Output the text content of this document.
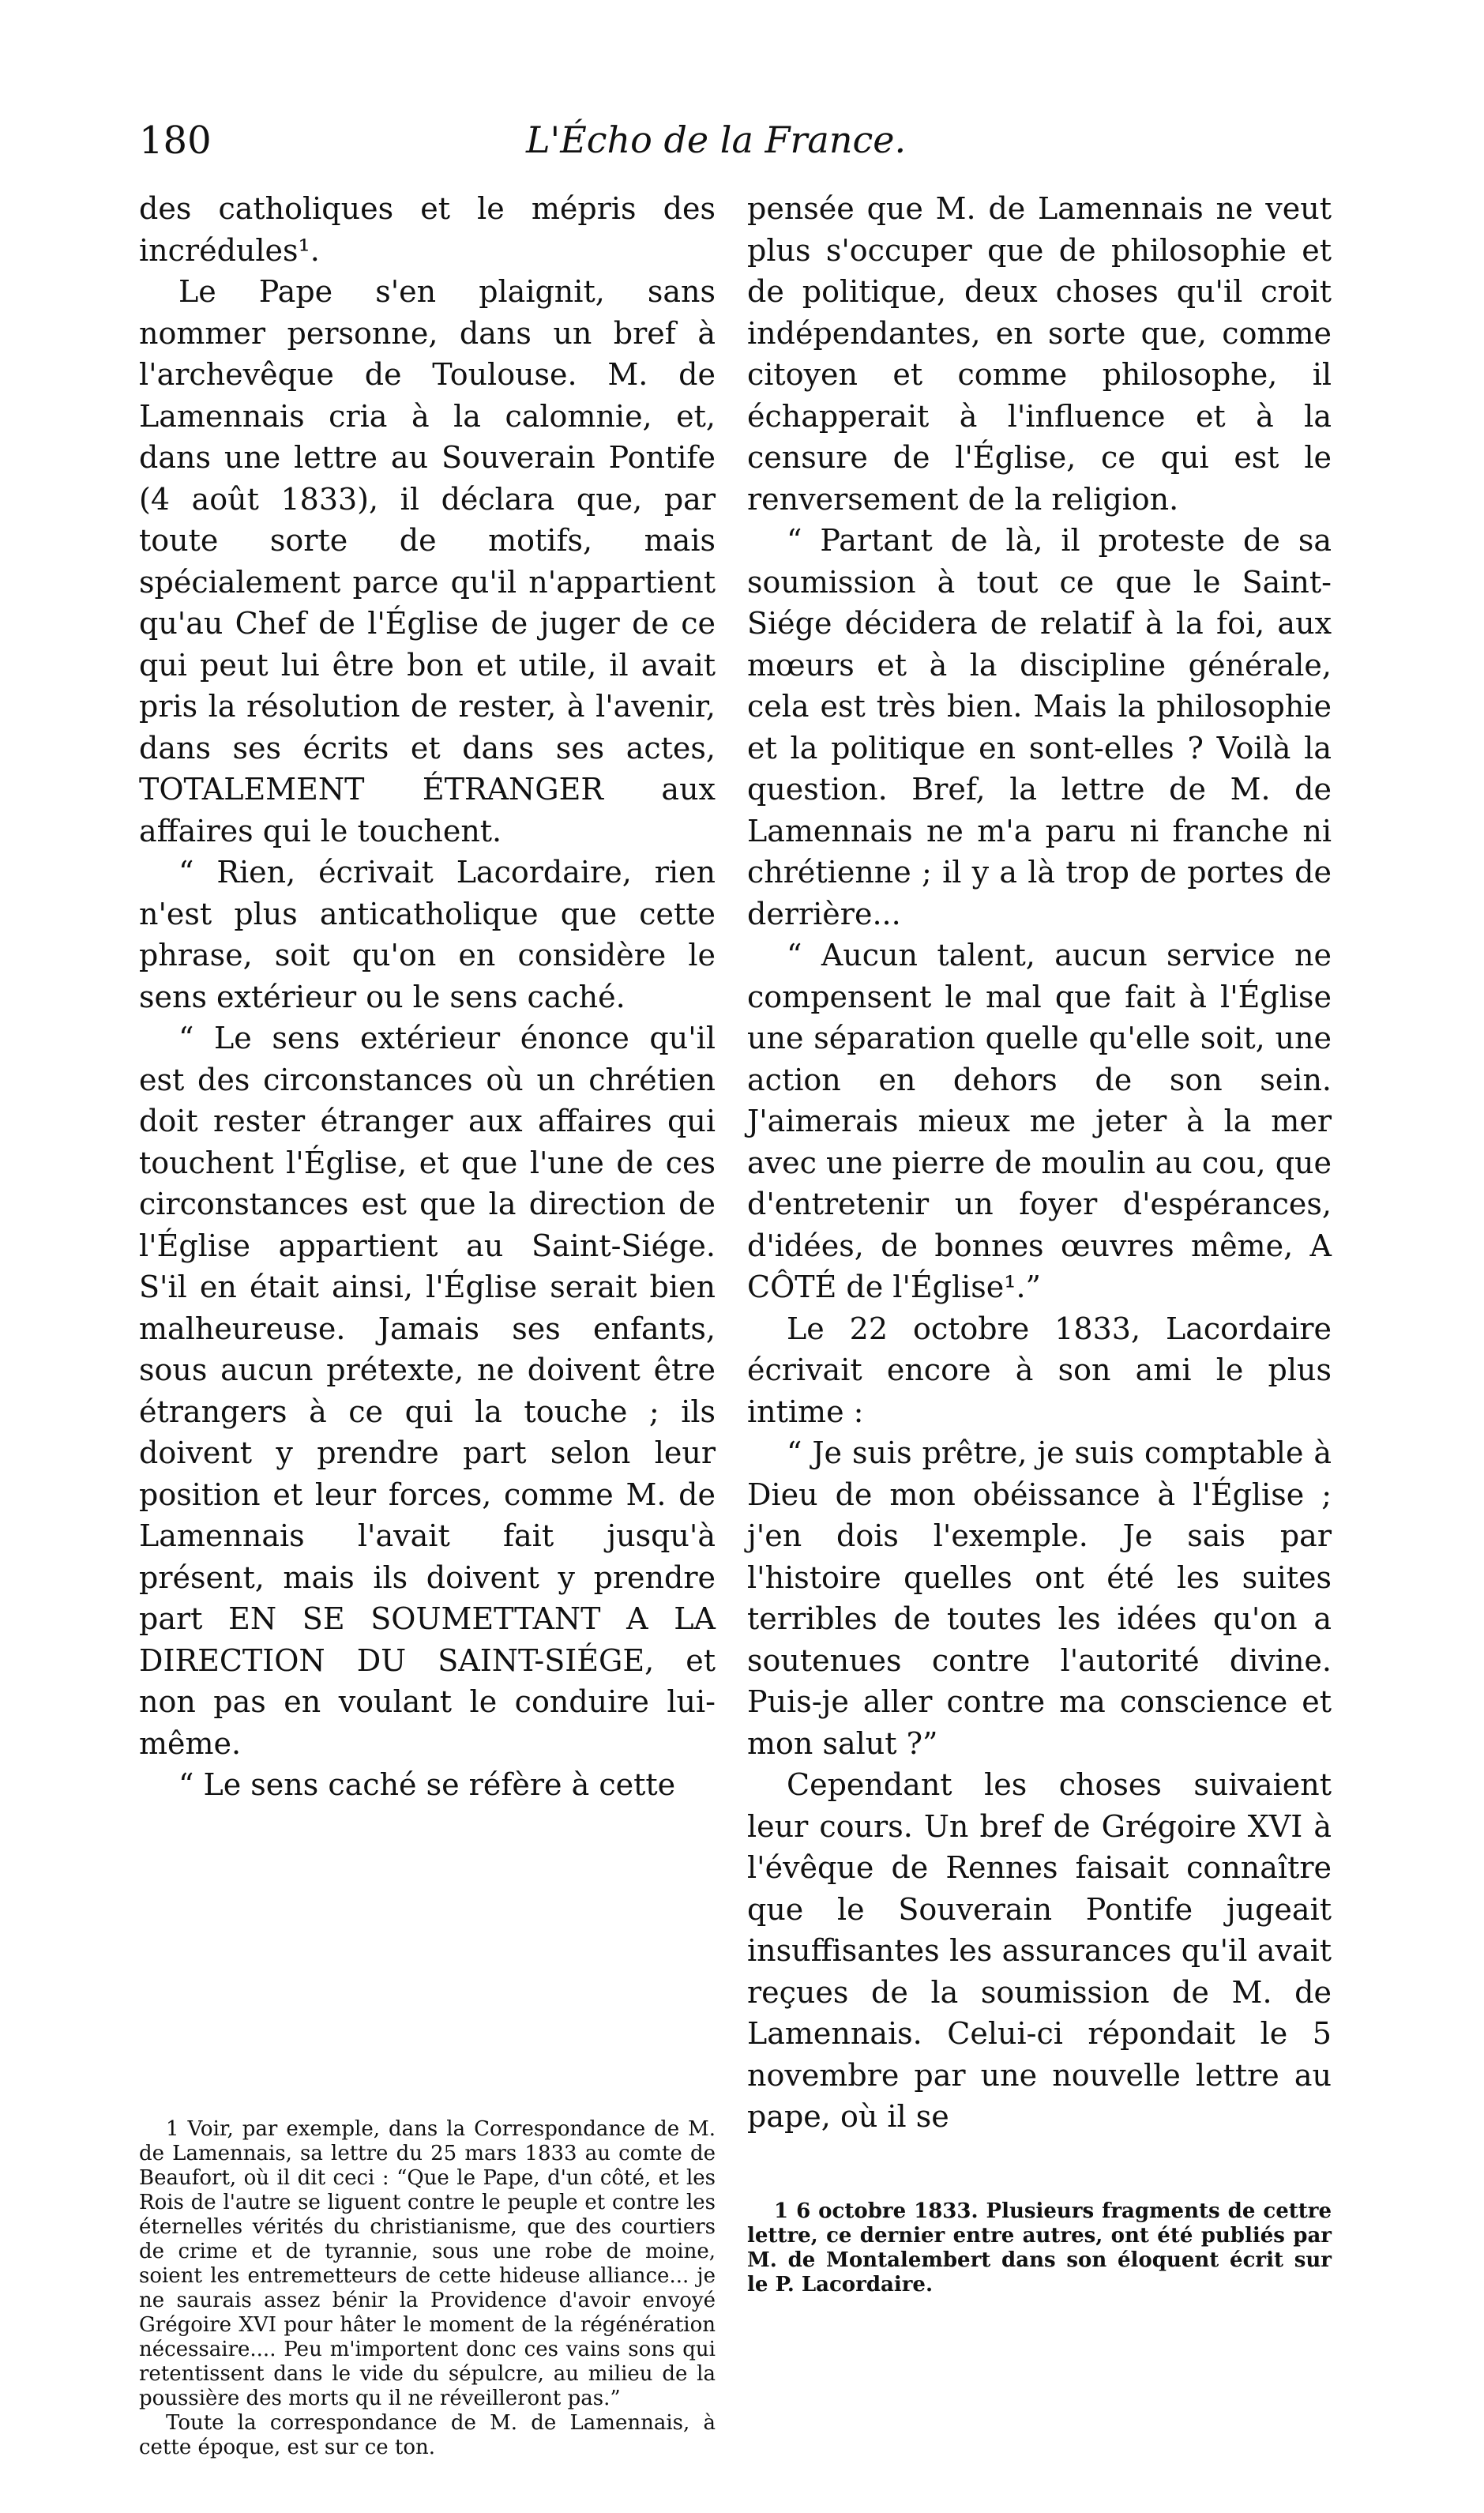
180	L'Écho de la France.

des catholiques et le mépris des incrédules¹.

Le Pape s'en plaignit, sans nommer personne, dans un bref à l'archevêque de Toulouse. M. de Lamennais cria à la calomnie, et, dans une lettre au Souverain Pontife (4 août 1833), il déclara que, par toute sorte de motifs, mais spécialement parce qu'il n'appartient qu'au Chef de l'Église de juger de ce qui peut lui être bon et utile, il avait pris la résolution de rester, à l'avenir, dans ses écrits et dans ses actes, TOTALEMENT ÉTRANGER aux affaires qui le touchent.

“ Rien, écrivait Lacordaire, rien n'est plus anticatholique que cette phrase, soit qu'on en considère le sens extérieur ou le sens caché.

“ Le sens extérieur énonce qu'il est des circonstances où un chrétien doit rester étranger aux affaires qui touchent l'Église, et que l'une de ces circonstances est que la direction de l'Église appartient au Saint-Siége. S'il en était ainsi, l'Église serait bien malheureuse. Jamais ses enfants, sous aucun prétexte, ne doivent être étrangers à ce qui la touche ; ils doivent y prendre part selon leur position et leur forces, comme M. de Lamennais l'avait fait jusqu'à présent, mais ils doivent y prendre part EN SE SOUMETTANT A LA DIRECTION DU SAINT-SIÉGE, et non pas en voulant le conduire lui-même.

“ Le sens caché se réfère à cette

1 Voir, par exemple, dans la Correspondance de M. de Lamennais, sa lettre du 25 mars 1833 au comte de Beaufort, où il dit ceci : “Que le Pape, d'un côté, et les Rois de l'autre se liguent contre le peuple et contre les éternelles vérités du christianisme, que des courtiers de crime et de tyrannie, sous une robe de moine, soient les entremetteurs de cette hideuse alliance... je ne saurais assez bénir la Providence d'avoir envoyé Grégoire XVI pour hâter le moment de la régénération nécessaire.... Peu m'importent donc ces vains sons qui retentissent dans le vide du sépulcre, au milieu de la poussière des morts qu il ne réveilleront pas.”

Toute la correspondance de M. de Lamennais, à cette époque, est sur ce ton.

pensée que M. de Lamennais ne veut plus s'occuper que de philosophie et de politique, deux choses qu'il croit indépendantes, en sorte que, comme citoyen et comme philosophe, il échapperait à l'influence et à la censure de l'Église, ce qui est le renversement de la religion.

“ Partant de là, il proteste de sa soumission à tout ce que le Saint-Siége décidera de relatif à la foi, aux mœurs et à la discipline générale, cela est très bien. Mais la philosophie et la politique en sont-elles ? Voilà la question. Bref, la lettre de M. de Lamennais ne m'a paru ni franche ni chrétienne ; il y a là trop de portes de derrière...

“ Aucun talent, aucun service ne compensent le mal que fait à l'Église une séparation quelle qu'elle soit, une action en dehors de son sein. J'aimerais mieux me jeter à la mer avec une pierre de moulin au cou, que d'entretenir un foyer d'espérances, d'idées, de bonnes œuvres même, A CÔTÉ de l'Église¹.”

Le 22 octobre 1833, Lacordaire écrivait encore à son ami le plus intime :

“ Je suis prêtre, je suis comptable à Dieu de mon obéissance à l'Église ; j'en dois l'exemple. Je sais par l'histoire quelles ont été les suites terribles de toutes les idées qu'on a soutenues contre l'autorité divine. Puis-je aller contre ma conscience et mon salut ?”

Cependant les choses suivaient leur cours. Un bref de Grégoire XVI à l'évêque de Rennes faisait connaître que le Souverain Pontife jugeait insuffisantes les assurances qu'il avait reçues de la soumission de M. de Lamennais. Celui-ci répondait le 5 novembre par une nouvelle lettre au pape, où il se

1 6 octobre 1833. Plusieurs fragments de cettre lettre, ce dernier entre autres, ont été publiés par M. de Montalembert dans son éloquent écrit sur le P. Lacordaire.
